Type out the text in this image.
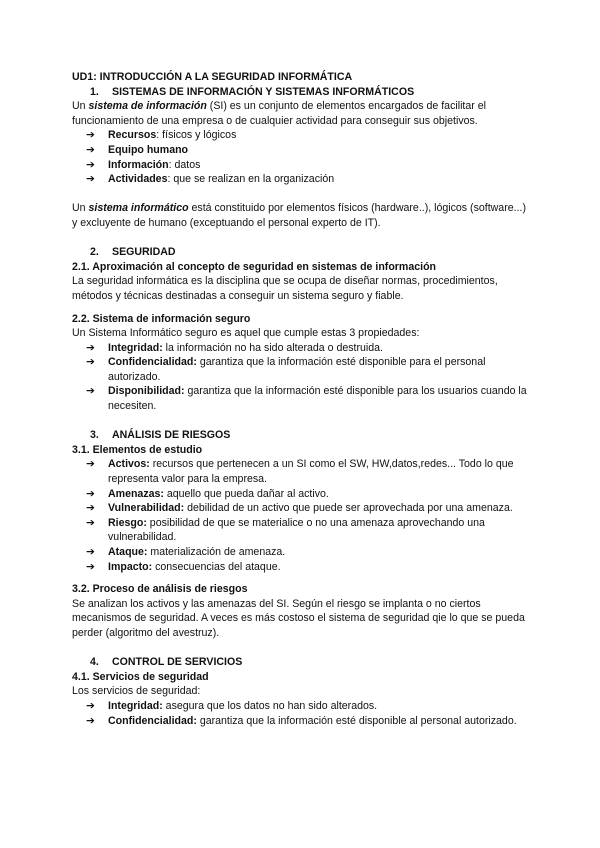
UD1: INTRODUCCIÓN A LA SEGURIDAD INFORMÁTICA

1. SISTEMAS DE INFORMACIÓN Y SISTEMAS INFORMÁTICOS

Un sistema de información (SI) es un conjunto de elementos encargados de facilitar el funcionamiento de una empresa o de cualquier actividad para conseguir sus objetivos.

➔ Recursos: físicos y lógicos
➔ Equipo humano
➔ Información: datos
➔ Actividades: que se realizan en la organización

Un sistema informático está constituido por elementos físicos (hardware..), lógicos (software...) y excluyente de humano (exceptuando el personal experto de IT).

2. SEGURIDAD

2.1. Aproximación al concepto de seguridad en sistemas de información

La seguridad informática es la disciplina que se ocupa de diseñar normas, procedimientos, métodos y técnicas destinadas a conseguir un sistema seguro y fiable.

2.2. Sistema de información seguro

Un Sistema Informático seguro es aquel que cumple estas 3 propiedades:

➔ Integridad: la información no ha sido alterada o destruida.
➔ Confidencialidad: garantiza que la información esté disponible para el personal autorizado.
➔ Disponibilidad: garantiza que la información esté disponible para los usuarios cuando la necesiten.

3. ANÁLISIS DE RIESGOS

3.1. Elementos de estudio

➔ Activos: recursos que pertenecen a un SI como el SW, HW,datos,redes... Todo lo que representa valor para la empresa.
➔ Amenazas: aquello que pueda dañar al activo.
➔ Vulnerabilidad: debilidad de un activo que puede ser aprovechada por una amenaza.
➔ Riesgo: posibilidad de que se materialice o no una amenaza aprovechando una vulnerabilidad.
➔ Ataque: materialización de amenaza.
➔ Impacto: consecuencias del ataque.

3.2. Proceso de análisis de riesgos

Se analizan los activos y las amenazas del SI. Según el riesgo se implanta o no ciertos mecanismos de seguridad. A veces es más costoso el sistema de seguridad qie lo que se pueda perder (algoritmo del avestruz).

4. CONTROL DE SERVICIOS

4.1. Servicios de seguridad

Los servicios de seguridad:

➔ Integridad: asegura que los datos no han sido alterados.
➔ Confidencialidad: garantiza que la información esté disponible al personal autorizado.
